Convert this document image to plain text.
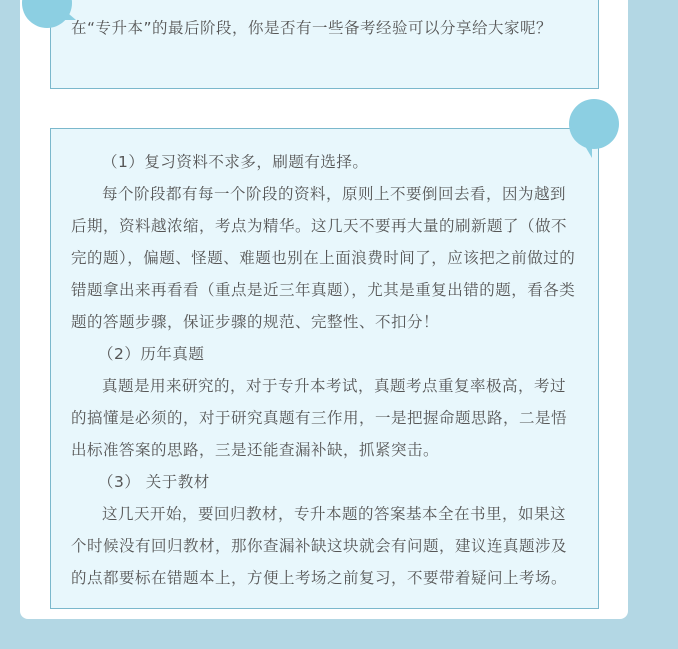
在“专升本”的最后阶段，你是否有一些备考经验可以分享给大家呢？

（1）复习资料不求多，刷题有选择。

每个阶段都有每一个阶段的资料，原则上不要倒回去看，因为越到后期，资料越浓缩，考点为精华。这几天不要再大量的刷新题了（做不完的题），偏题、怪题、难题也别在上面浪费时间了，应该把之前做过的错题拿出来再看看（重点是近三年真题），尤其是重复出错的题，看各类题的答题步骤，保证步骤的规范、完整性、不扣分！

（2）历年真题

真题是用来研究的，对于专升本考试，真题考点重复率极高，考过的搞懂是必须的，对于研究真题有三作用，一是把握命题思路，二是悟出标准答案的思路，三是还能查漏补缺，抓紧突击。

（3） 关于教材

这几天开始，要回归教材，专升本题的答案基本全在书里，如果这个时候没有回归教材，那你查漏补缺这块就会有问题，建议连真题涉及的点都要标在错题本上，方便上考场之前复习，不要带着疑问上考场。
